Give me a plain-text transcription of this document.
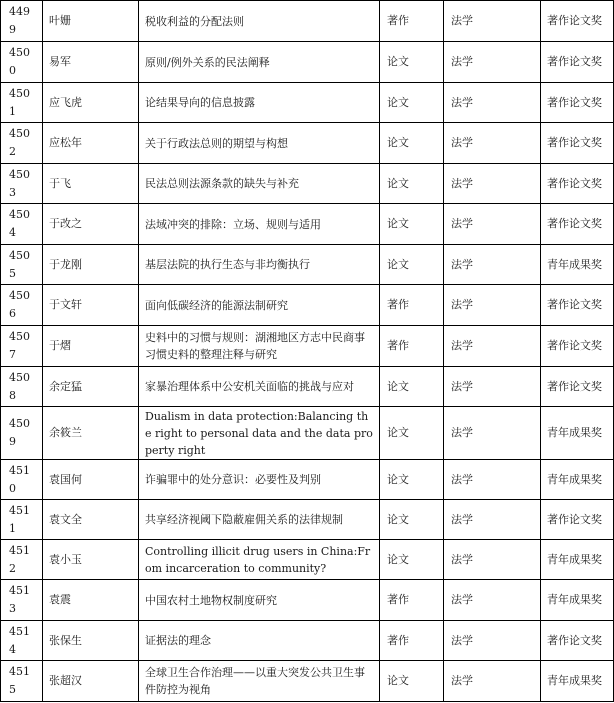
4499	叶姗	税收利益的分配法则	著作	法学	著作论文奖
4500	易军	原则/例外关系的民法阐释	论文	法学	著作论文奖
4501	应飞虎	论结果导向的信息披露	论文	法学	著作论文奖
4502	应松年	关于行政法总则的期望与构想	论文	法学	著作论文奖
4503	于飞	民法总则法源条款的缺失与补充	论文	法学	著作论文奖
4504	于改之	法域冲突的排除：立场、规则与适用	论文	法学	著作论文奖
4505	于龙刚	基层法院的执行生态与非均衡执行	论文	法学	青年成果奖
4506	于文轩	面向低碳经济的能源法制研究	著作	法学	著作论文奖
4507	于熠	史料中的习惯与规则：湖湘地区方志中民商事习惯史料的整理注释与研究	著作	法学	著作论文奖
4508	余定猛	家暴治理体系中公安机关面临的挑战与应对	论文	法学	著作论文奖
4509	余筱兰	Dualism in data protection:Balancing the right to personal data and the data property right	论文	法学	青年成果奖
4510	袁国何	诈骗罪中的处分意识：必要性及判别	论文	法学	青年成果奖
4511	袁文全	共享经济视阈下隐蔽雇佣关系的法律规制	论文	法学	著作论文奖
4512	袁小玉	Controlling illicit drug users in China:From incarceration to community?	论文	法学	青年成果奖
4513	袁震	中国农村土地物权制度研究	著作	法学	青年成果奖
4514	张保生	证据法的理念	著作	法学	著作论文奖
4515	张超汉	全球卫生合作治理——以重大突发公共卫生事件防控为视角	论文	法学	青年成果奖
